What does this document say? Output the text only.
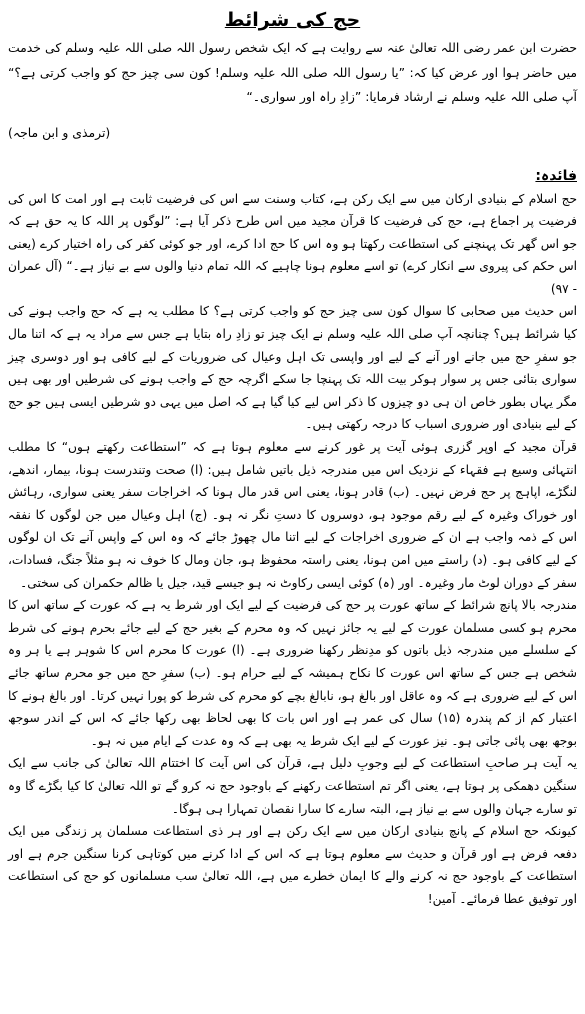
حج کی شرائط

حضرت ابن عمر رضی اللہ تعالیٰ عنہ سے روایت ہے کہ ایک شخص رسول اللہ صلی اللہ علیہ وسلم کی خدمت میں حاضر ہوا اور عرض کیا کہ: ”یا رسول اللہ صلی اللہ علیہ وسلم! کون سی چیز حج کو واجب کرتی ہے؟“ آپ صلی اللہ علیہ وسلم نے ارشاد فرمایا: ”زادِ راہ اور سواری۔“

(ترمذی و ابن ماجہ)
فائدہ:

حج اسلام کے بنیادی ارکان میں سے ایک رکن ہے، کتاب وسنت سے اس کی فرضیت ثابت ہے اور امت کا اس کی فرضیت پر اجماع ہے، حج کی فرضیت کا قرآن مجید میں اس طرح ذکر آیا ہے: ”لوگوں پر اللہ کا یہ حق ہے کہ جو اس گھر تک پہنچنے کی استطاعت رکھتا ہو وہ اس کا حج ادا کرے، اور جو کوئی کفر کی راہ اختیار کرے (یعنی اس حکم کی پیروی سے انکار کرے) تو اسے معلوم ہونا چاہیے کہ اللہ تمام دنیا والوں سے بے نیاز ہے۔“ (آل عمران - ۹۷)

اس حدیث میں صحابی کا سوال کون سی چیز حج کو واجب کرتی ہے؟ کا مطلب یہ ہے کہ حج واجب ہونے کی کیا شرائط ہیں؟ چنانچہ آپ صلی اللہ علیہ وسلم نے ایک چیز تو زادِ راہ بتایا ہے جس سے مراد یہ ہے کہ اتنا مال جو سفرِ حج میں جانے اور آنے کے لیے اور واپسی تک اہل وعیال کی ضروریات کے لیے کافی ہو اور دوسری چیز سواری بتائی جس پر سوار ہوکر بیت اللہ تک پہنچا جا سکے اگرچہ حج کے واجب ہونے کی شرطیں اور بھی ہیں مگر یہاں بطور خاص ان ہی دو چیزوں کا ذکر اس لیے کیا گیا ہے کہ اصل میں یہی دو شرطیں ایسی ہیں جو حج کے لیے بنیادی اور ضروری اسباب کا درجہ رکھتی ہیں۔

قرآن مجید کے اوپر گزری ہوئی آیت پر غور کرنے سے معلوم ہوتا ہے کہ ”استطاعت رکھتے ہوں“ کا مطلب انتہائی وسیع ہے فقہاء کے نزدیک اس میں مندرجہ ذیل باتیں شامل ہیں: (ا) صحت وتندرست ہونا، بیمار، اندھے، لنگڑے، اپاہج پر حج فرض نہیں۔ (ب) قادر ہونا، یعنی اس قدر مال ہونا کہ اخراجات سفر یعنی سواری، رہائش اور خوراک وغیرہ کے لیے رقم موجود ہو، دوسروں کا دستِ نگر نہ ہو۔ (ج) اہل وعیال میں جن لوگوں کا نفقہ اس کے ذمہ واجب ہے ان کے ضروری اخراجات کے لیے اتنا مال چھوڑ جائے کہ وہ اس کے واپس آنے تک ان لوگوں کے لیے کافی ہو۔ (د) راستے میں امن ہونا، یعنی راستہ محفوظ ہو، جان ومال کا خوف نہ ہو مثلاً جنگ، فسادات، سفر کے دوران لوٹ مار وغیرہ۔ اور (ہ) کوئی ایسی رکاوٹ نہ ہو جیسے قید، جیل یا ظالم حکمران کی سختی۔

مندرجہ بالا پانچ شرائط کے ساتھ عورت پر حج کی فرضیت کے لیے ایک اور شرط یہ ہے کہ عورت کے ساتھ اس کا محرم ہو کسی مسلمان عورت کے لیے یہ جائز نہیں کہ وہ محرم کے بغیر حج کے لیے جائے بحرم ہونے کی شرط کے سلسلے میں مندرجہ ذیل باتوں کو مدِنظر رکھنا ضروری ہے۔ (ا) عورت کا محرم اس کا شوہر ہے یا ہر وہ شخص ہے جس کے ساتھ اس عورت کا نکاح ہمیشہ کے لیے حرام ہو۔ (ب) سفرِ حج میں جو محرم ساتھ جائے اس کے لیے ضروری ہے کہ وہ عاقل اور بالغ ہو، نابالغ بچے کو محرم کی شرط کو پورا نہیں کرتا۔ اور بالغ ہونے کا اعتبار کم از کم پندرہ (۱۵) سال کی عمر ہے اور اس بات کا بھی لحاظ بھی رکھا جائے کہ اس کے اندر سوجھ بوجھ بھی پائی جاتی ہو۔ نیز عورت کے لیے ایک شرط یہ بھی ہے کہ وہ عدت کے ایام میں نہ ہو۔

یہ آیت ہر صاحبِ استطاعت کے لیے وجوبِ دلیل ہے، قرآن کی اس آیت کا اختتام اللہ تعالیٰ کی جانب سے ایک سنگین دھمکی پر ہوتا ہے، یعنی اگر تم استطاعت رکھنے کے باوجود حج نہ کرو گے تو اللہ تعالیٰ کا کیا بگڑے گا وہ تو سارے جہان والوں سے بے نیاز ہے، البتہ سارے کا سارا نقصان تمہارا ہی ہوگا۔

کیونکہ حج اسلام کے پانچ بنیادی ارکان میں سے ایک رکن ہے اور ہر ذی استطاعت مسلمان پر زندگی میں ایک دفعہ فرض ہے اور قرآن و حدیث سے معلوم ہوتا ہے کہ اس کے ادا کرنے میں کوتاہی کرنا سنگین جرم ہے اور استطاعت کے باوجود حج نہ کرنے والے کا ایمان خطرے میں ہے، اللہ تعالیٰ سب مسلمانوں کو حج کی استطاعت اور توفیق عطا فرمائے۔ آمین!
